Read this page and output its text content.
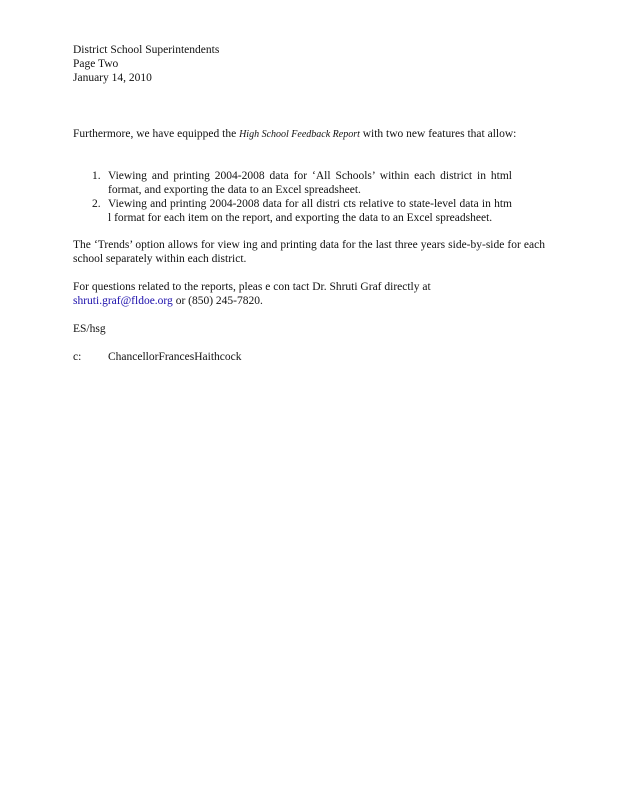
District School Superintendents
Page Two
January 14, 2010
Furthermore, we have equipped the High School Feedback Report with two new features that allow:
1. Viewing and printing 2004-2008 data for ‘All Schools’ within each district in html format, and exporting the data to an Excel spreadsheet.
2. Viewing and printing 2004-2008 data for all distri cts relative to state-level data in htm l format for each item on the report, and exporting the data to an Excel spreadsheet.
The ‘Trends’ option allows for view ing and printing data for the last three years side-by-side for each school separately within each district.
For questions related to the reports, pleas e con tact Dr. Shruti Graf directly at
shruti.graf@fldoe.org or (850) 245-7820.
ES/hsg
c: ChancellorFrancesHaithcock
